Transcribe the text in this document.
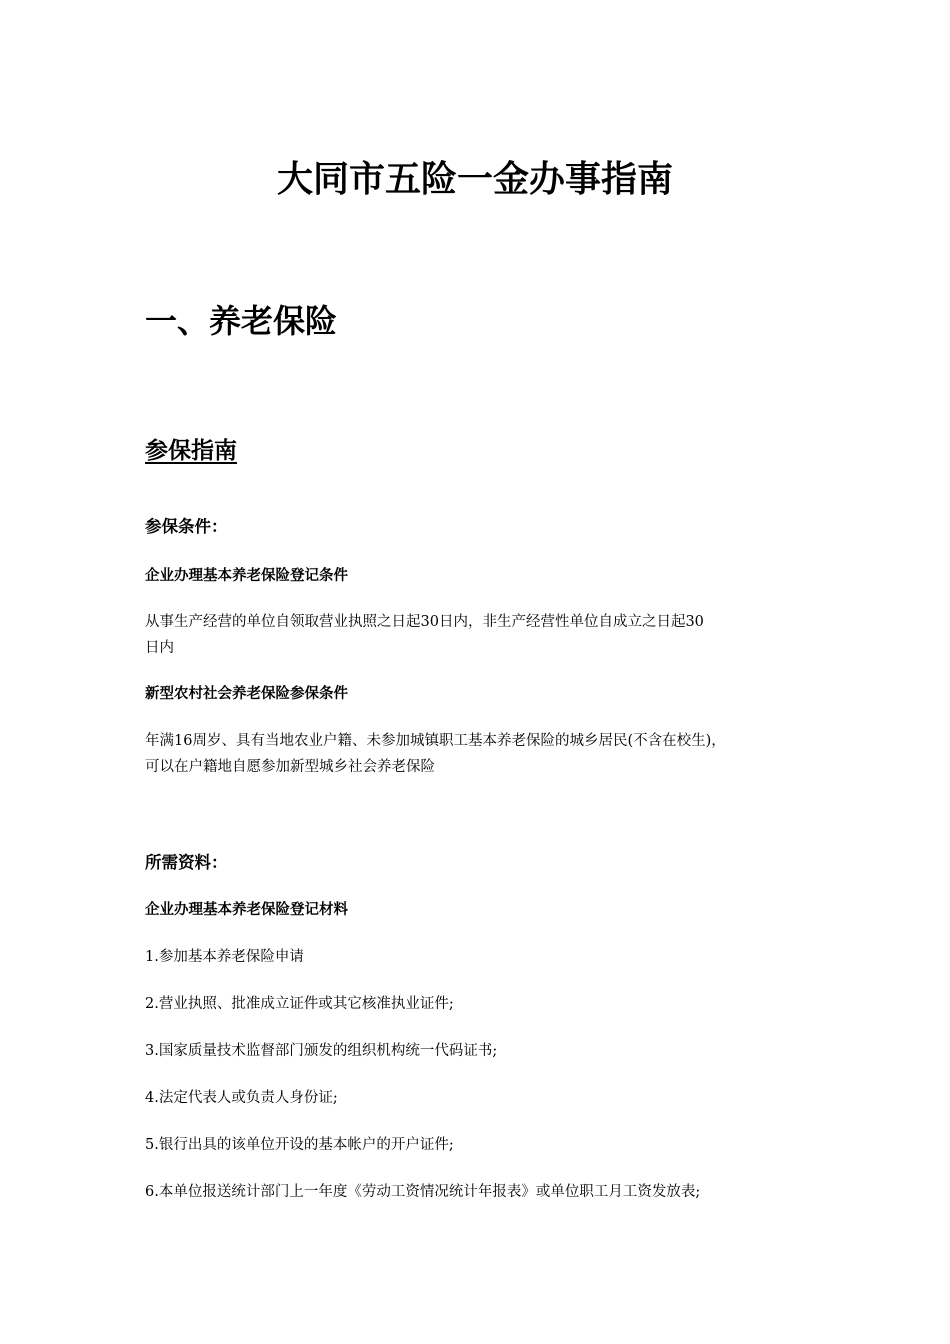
大同市五险一金办事指南
一、养老保险
参保指南
参保条件：
企业办理基本养老保险登记条件
从事生产经营的单位自领取营业执照之日起30日内，非生产经营性单位自成立之日起30
日内
新型农村社会养老保险参保条件
年满16周岁、具有当地农业户籍、未参加城镇职工基本养老保险的城乡居民(不含在校生)，
可以在户籍地自愿参加新型城乡社会养老保险
所需资料：
企业办理基本养老保险登记材料
1.参加基本养老保险申请
2.营业执照、批准成立证件或其它核准执业证件;
3.国家质量技术监督部门颁发的组织机构统一代码证书;
4.法定代表人或负责人身份证;
5.银行出具的该单位开设的基本帐户的开户证件;
6.本单位报送统计部门上一年度《劳动工资情况统计年报表》或单位职工月工资发放表;
